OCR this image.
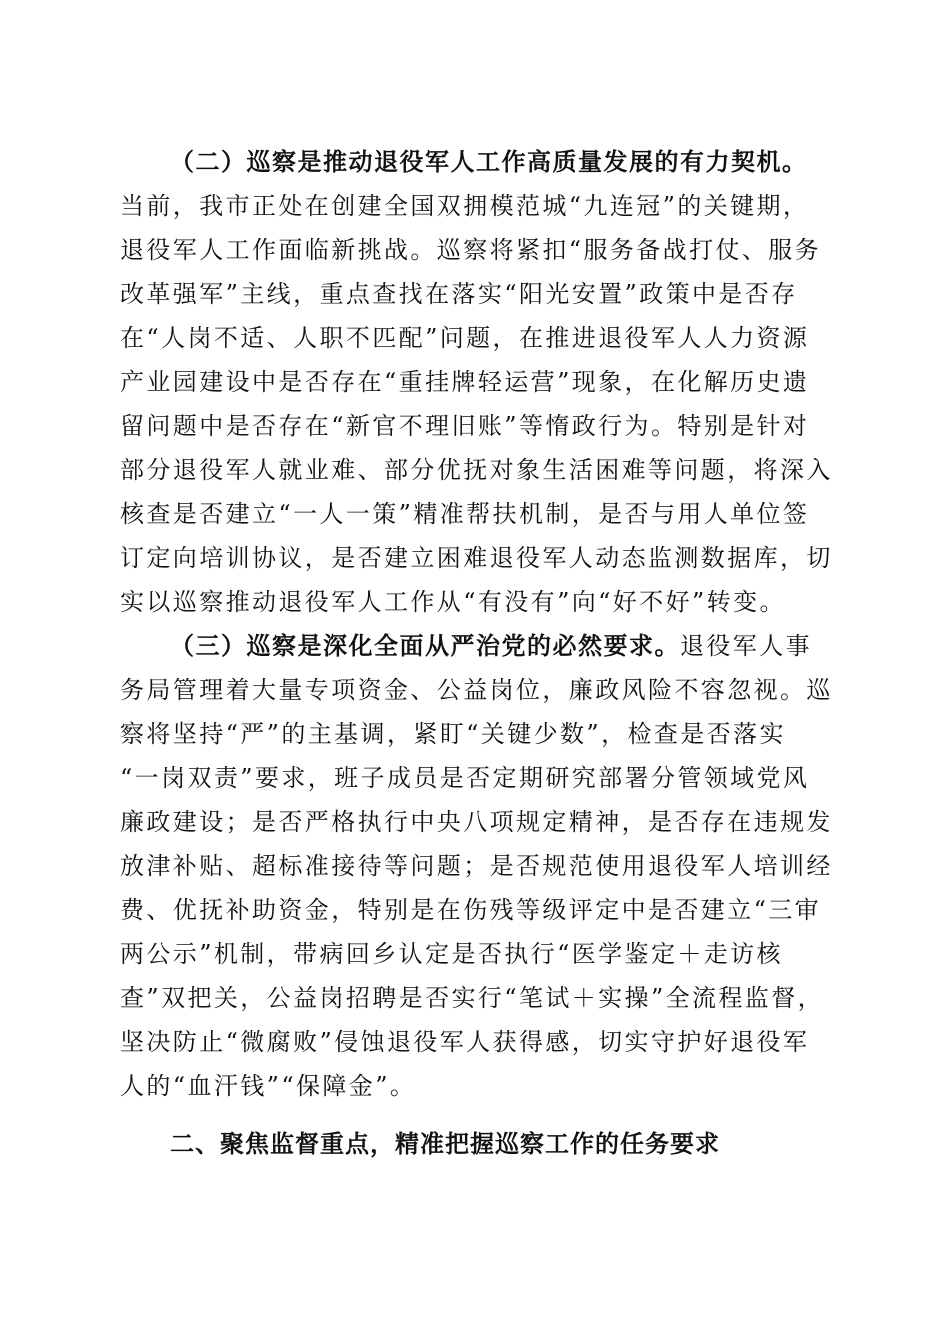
（二）巡察是推动退役军人工作高质量发展的有力契机。
当前，我市正处在创建全国双拥模范城“九连冠”的关键期，
退役军人工作面临新挑战。巡察将紧扣“服务备战打仗、服务
改革强军”主线，重点查找在落实“阳光安置”政策中是否存
在“人岗不适、人职不匹配”问题，在推进退役军人人力资源
产业园建设中是否存在“重挂牌轻运营”现象，在化解历史遗
留问题中是否存在“新官不理旧账”等惰政行为。特别是针对
部分退役军人就业难、部分优抚对象生活困难等问题，将深入
核查是否建立“一人一策”精准帮扶机制，是否与用人单位签
订定向培训协议，是否建立困难退役军人动态监测数据库，切
实以巡察推动退役军人工作从“有没有”向“好不好”转变。
（三）巡察是深化全面从严治党的必然要求。退役军人事
务局管理着大量专项资金、公益岗位，廉政风险不容忽视。巡
察将坚持“严”的主基调，紧盯“关键少数”，检查是否落实
“一岗双责”要求，班子成员是否定期研究部署分管领域党风
廉政建设；是否严格执行中央八项规定精神，是否存在违规发
放津补贴、超标准接待等问题；是否规范使用退役军人培训经
费、优抚补助资金，特别是在伤残等级评定中是否建立“三审
两公示”机制，带病回乡认定是否执行“医学鉴定＋走访核
查”双把关，公益岗招聘是否实行“笔试＋实操”全流程监督，
坚决防止“微腐败”侵蚀退役军人获得感，切实守护好退役军
人的“血汗钱”“保障金”。
二、聚焦监督重点，精准把握巡察工作的任务要求
